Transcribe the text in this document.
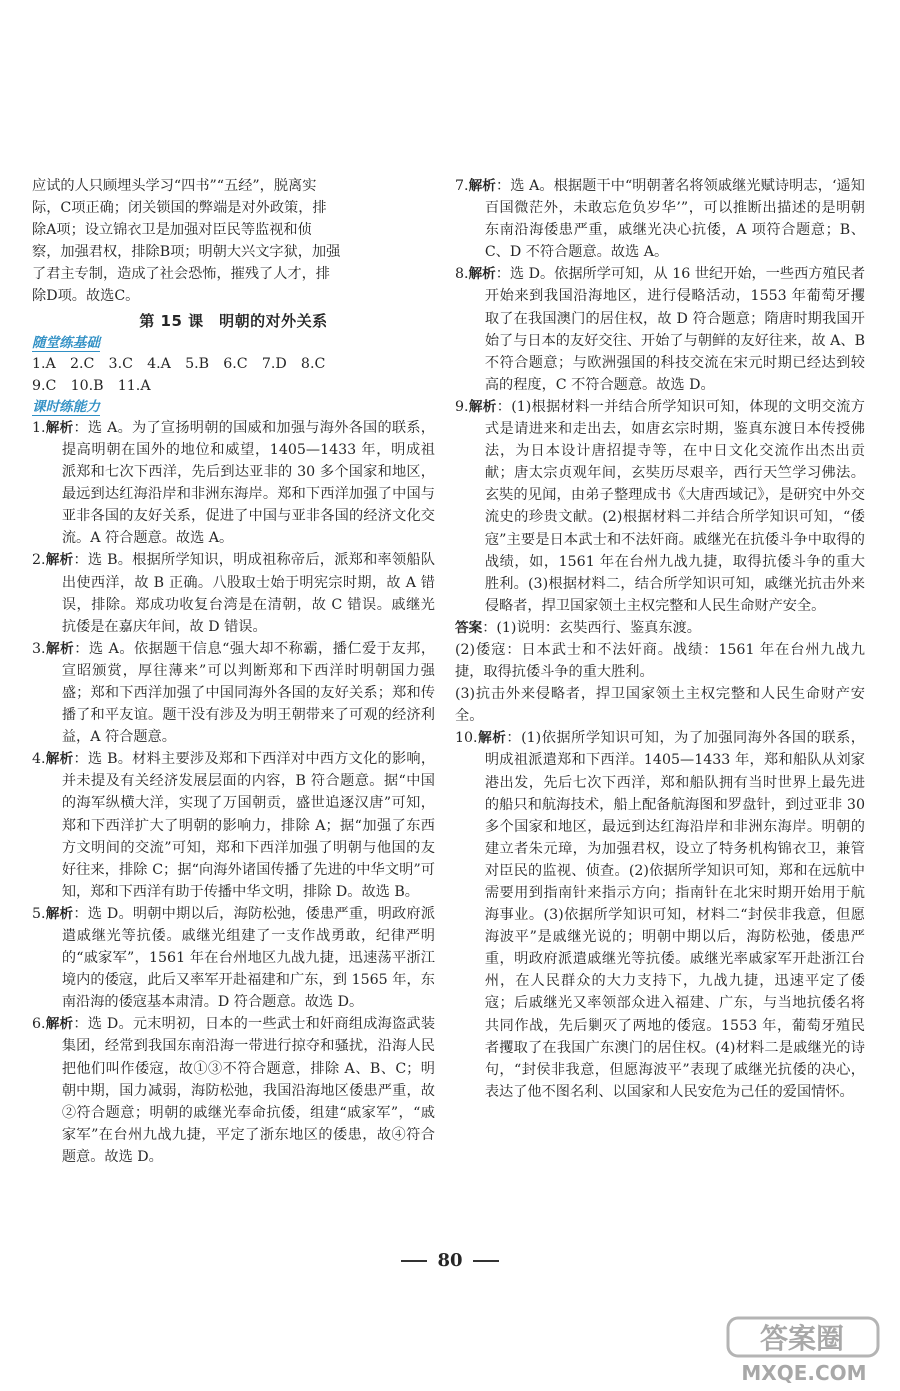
应试的人只顾埋头学习“四书”“五经”，脱离实
际，C项正确；闭关锁国的弊端是对外政策，排
除A项；设立锦衣卫是加强对臣民等监视和侦
察，加强君权，排除B项；明朝大兴文字狱，加强
了君主专制，造成了社会恐怖，摧残了人才，排
除D项。故选C。
第 15 课　明朝的对外关系
随堂练基础
1.A　2.C　3.C　4.A　5.B　6.C　7.D　8.C
9.C　10.B　11.A
课时练能力

1.解析：选 A。为了宣扬明朝的国威和加强与海外各国的联系，提高明朝在国外的地位和威望，1405—1433 年，明成祖派郑和七次下西洋，先后到达亚非的 30 多个国家和地区，最远到达红海沿岸和非洲东海岸。郑和下西洋加强了中国与亚非各国的友好关系，促进了中国与亚非各国的经济文化交流。A 符合题意。故选 A。

2.解析：选 B。根据所学知识，明成祖称帝后，派郑和率领船队出使西洋，故 B 正确。八股取士始于明宪宗时期，故 A 错误，排除。郑成功收复台湾是在清朝，故 C 错误。戚继光抗倭是在嘉庆年间，故 D 错误。

3.解析：选 A。依据题干信息“强大却不称霸，播仁爱于友邦，宣昭颁赏，厚往薄来”可以判断郑和下西洋时明朝国力强盛；郑和下西洋加强了中国同海外各国的友好关系；郑和传播了和平友谊。题干没有涉及为明王朝带来了可观的经济利益，A 符合题意。

4.解析：选 B。材料主要涉及郑和下西洋对中西方文化的影响，并未提及有关经济发展层面的内容，B 符合题意。据“中国的海军纵横大洋，实现了万国朝贡，盛世追逐汉唐”可知，郑和下西洋扩大了明朝的影响力，排除 A；据“加强了东西方文明间的交流”可知，郑和下西洋加强了明朝与他国的友好往来，排除 C；据“向海外诸国传播了先进的中华文明”可知，郑和下西洋有助于传播中华文明，排除 D。故选 B。

5.解析：选 D。明朝中期以后，海防松弛，倭患严重，明政府派遣戚继光等抗倭。戚继光组建了一支作战勇敢，纪律严明的“戚家军”，1561 年在台州地区九战九捷，迅速荡平浙江境内的倭寇，此后又率军开赴福建和广东，到 1565 年，东南沿海的倭寇基本肃清。D 符合题意。故选 D。

6.解析：选 D。元末明初，日本的一些武士和奸商组成海盗武装集团，经常到我国东南沿海一带进行掠夺和骚扰，沿海人民把他们叫作倭寇，故①③不符合题意，排除 A、B、C；明朝中期，国力减弱，海防松弛，我国沿海地区倭患严重，故②符合题意；明朝的戚继光奉命抗倭，组建“戚家军”，“戚家军”在台州九战九捷，平定了浙东地区的倭患，故④符合题意。故选 D。

7.解析：选 A。根据题干中“明朝著名将领戚继光赋诗明志，‘遥知百国微茫外，未敢忘危负岁华’”，可以推断出描述的是明朝东南沿海倭患严重，戚继光决心抗倭，A 项符合题意；B、C、D 不符合题意。故选 A。

8.解析：选 D。依据所学可知，从 16 世纪开始，一些西方殖民者开始来到我国沿海地区，进行侵略活动，1553 年葡萄牙攫取了在我国澳门的居住权，故 D 符合题意；隋唐时期我国开始了与日本的友好交往、开始了与朝鲜的友好往来，故 A、B 不符合题意；与欧洲强国的科技交流在宋元时期已经达到较高的程度，C 不符合题意。故选 D。

9.解析：(1)根据材料一并结合所学知识可知，体现的文明交流方式是请进来和走出去，如唐玄宗时期，鉴真东渡日本传授佛法，为日本设计唐招提寺等，在中日文化交流作出杰出贡献；唐太宗贞观年间，玄奘历尽艰辛，西行天竺学习佛法。玄奘的见闻，由弟子整理成书《大唐西域记》，是研究中外交流史的珍贵文献。(2)根据材料二并结合所学知识可知，“倭寇”主要是日本武士和不法奸商。戚继光在抗倭斗争中取得的战绩，如，1561 年在台州九战九捷，取得抗倭斗争的重大胜利。(3)根据材料二，结合所学知识可知，戚继光抗击外来侵略者，捍卫国家领土主权完整和人民生命财产安全。

答案：(1)说明：玄奘西行、鉴真东渡。

(2)倭寇：日本武士和不法奸商。战绩：1561 年在台州九战九捷，取得抗倭斗争的重大胜利。

(3)抗击外来侵略者，捍卫国家领土主权完整和人民生命财产安全。

10.解析：(1)依据所学知识可知，为了加强同海外各国的联系，明成祖派遣郑和下西洋。1405—1433 年，郑和船队从刘家港出发，先后七次下西洋，郑和船队拥有当时世界上最先进的船只和航海技术，船上配备航海图和罗盘针，到过亚非 30 多个国家和地区，最远到达红海沿岸和非洲东海岸。明朝的建立者朱元璋，为加强君权，设立了特务机构锦衣卫，兼管对臣民的监视、侦查。(2)依据所学知识可知，郑和在远航中需要用到指南针来指示方向；指南针在北宋时期开始用于航海事业。(3)依据所学知识可知，材料二“封侯非我意，但愿海波平”是戚继光说的；明朝中期以后，海防松弛，倭患严重，明政府派遣戚继光等抗倭。戚继光率戚家军开赴浙江台州，在人民群众的大力支持下，九战九捷，迅速平定了倭寇；后戚继光又率领部众进入福建、广东，与当地抗倭名将共同作战，先后剿灭了两地的倭寇。1553 年，葡萄牙殖民者攫取了在我国广东澳门的居住权。(4)材料二是戚继光的诗句，“封侯非我意，但愿海波平”表现了戚继光抗倭的决心，表达了他不图名利、以国家和人民安危为己任的爱国情怀。

80
答案圈
MXQE.COM
